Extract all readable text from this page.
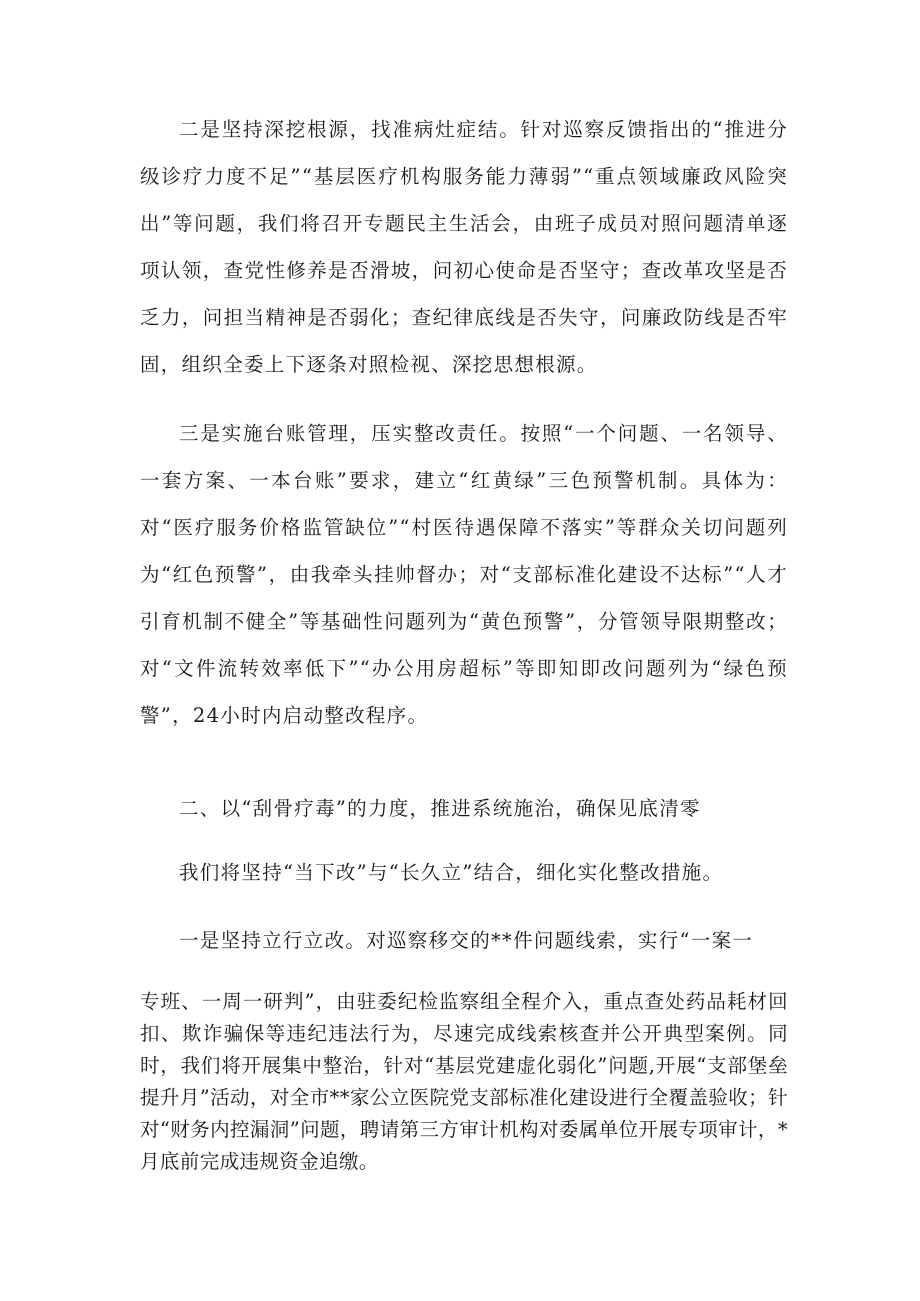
二是坚持深挖根源，找准病灶症结。针对巡察反馈指出的“推进分级诊疗力度不足”“基层医疗机构服务能力薄弱”“重点领域廉政风险突出”等问题，我们将召开专题民主生活会，由班子成员对照问题清单逐项认领，查党性修养是否滑坡，问初心使命是否坚守；查改革攻坚是否乏力，问担当精神是否弱化；查纪律底线是否失守，问廉政防线是否牢固，组织全委上下逐条对照检视、深挖思想根源。

三是实施台账管理，压实整改责任。按照“一个问题、一名领导、一套方案、一本台账”要求，建立“红黄绿”三色预警机制。具体为：对“医疗服务价格监管缺位”“村医待遇保障不落实”等群众关切问题列为“红色预警”，由我牵头挂帅督办；对“支部标准化建设不达标”“人才引育机制不健全”等基础性问题列为“黄色预警”，分管领导限期整改；对“文件流转效率低下”“办公用房超标”等即知即改问题列为“绿色预警”，24小时内启动整改程序。

二、以“刮骨疗毒”的力度，推进系统施治，确保见底清零

我们将坚持“当下改”与“长久立”结合，细化实化整改措施。

一是坚持立行立改。对巡察移交的**件问题线索，实行“一案一

专班、一周一研判”，由驻委纪检监察组全程介入，重点查处药品耗材回扣、欺诈骗保等违纪违法行为，尽速完成线索核查并公开典型案例。同时，我们将开展集中整治，针对“基层党建虚化弱化”问题,开展“支部堡垒提升月”活动，对全市**家公立医院党支部标准化建设进行全覆盖验收；针对“财务内控漏洞”问题，聘请第三方审计机构对委属单位开展专项审计，*月底前完成违规资金追缴。
